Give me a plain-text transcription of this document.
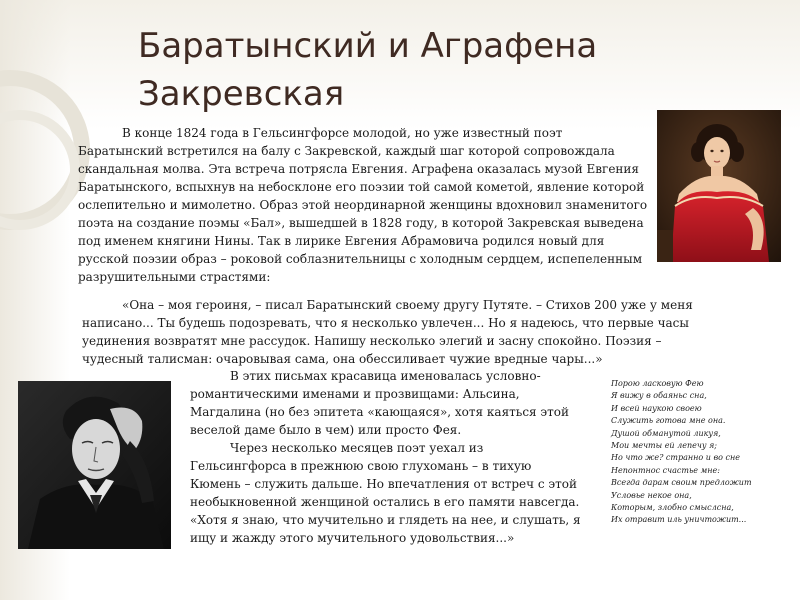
Баратынский и Аграфена Закревская

В конце 1824 года в Гельсингфорсе молодой, но уже известный поэт Баратынский встретился на балу с Закревской, каждый шаг которой сопровождала скандальная молва. Эта встреча потрясла Евгения. Аграфена оказалась музой Евгения Баратынского, вспыхнув на небосклоне его поэзии той самой кометой, явление которой ослепительно и мимолетно. Образ этой неординарной женщины вдохновил знаменитого поэта на создание поэмы «Бал», вышедшей в 1828 году, в которой Закревская выведена под именем княгини Нины. Так в лирике Евгения Абрамовича родился новый для русской поэзии образ – роковой соблазнительницы с холодным сердцем, испепеленным разрушительными страстями:

«Она – моя героиня, – писал Баратынский своему другу Путяте. – Стихов 200 уже у меня написано... Ты будешь подозревать, что я несколько увлечен... Но я надеюсь, что первые часы уединения возвратят мне рассудок. Напишу несколько элегий и засну спокойно. Поэзия – чудесный талисман: очаровывая сама, она обессиливает чужие вредные чары...»

В этих письмах красавица именовалась условно-романтическими именами и прозвищами: Альсина, Магдалина (но без эпитета «кающаяся», хотя каяться этой веселой даме было в чем) или просто Фея.
Через несколько месяцев поэт уехал из Гельсингфорса в прежнюю свою глухомань – в тихую Кюмень – служить дальше. Но впечатления от встреч с этой необыкновенной женщиной остались в его памяти навсегда. «Хотя я знаю, что мучительно и глядеть на нее, и слушать, я ищу и жажду этого мучительного удовольствия...»
Порою ласковую Фею
Я вижу в обаяньс сна,
И всей наукою своею
Служить готова мне она.
Душой обманутой ликуя,
Мои мечты ей лепечу я;
Но что же? странно и во сне
Непонтнос счастье мне:
Всегда дарам своим предложит
Условье некое она,
Которым, злобно смыслсна,
Их отравит иль уничтожит...
